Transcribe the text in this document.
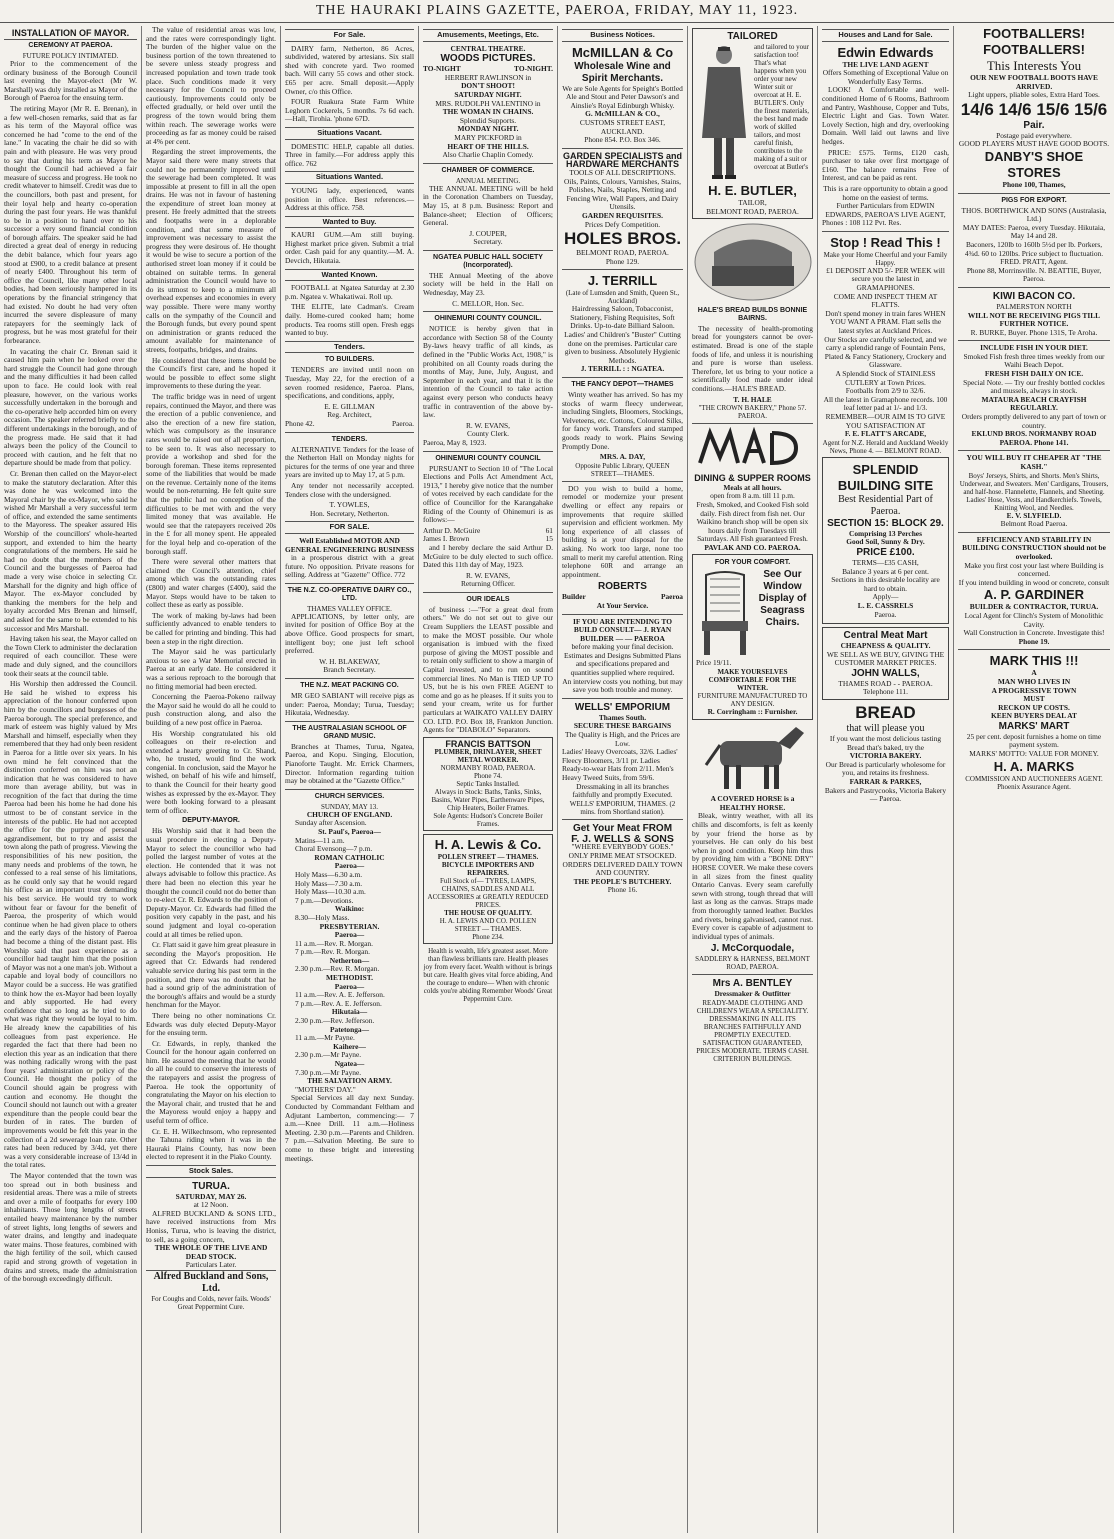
THE HAURAKI PLAINS GAZETTE, PAEROA, FRIDAY, MAY 11, 1923.
INSTALLATION OF MAYOR.
CEREMONY AT PAEROA.
FUTURE POLICY INTIMATED.

Prior to the commencement of the ordinary business of the Borough Council last evening the Mayor-elect (Mr W. Marshall) was duly installed as Mayor of the Borough of Paeroa for the ensuing term.

The retiring Mayor (Mr R. E. Brenan), in a few well-chosen remarks, said that as far as his term of the Mayoral office was concerned he had "come to the end of the lane." In vacating the chair he did so with pain and with pleasure. He was very proud to say that during his term as Mayor he thought the Council had achieved a fair measure of success and progress. He took no credit whatever to himself. Credit was due to the councillors, both past and present, for their loyal help and hearty co-operation during the past four years. He was thankful to be in a position to hand over to his successor a very sound financial condition of borough affairs. The speaker said he had directed a great deal of energy in reducing the debit balance, which four years ago stood at £900, to a credit balance at present of nearly £400. Throughout his term of office the Council, like many other local bodies, had been seriously hampered in its operations by the financial stringency that had existed. No doubt he had very often incurred the severe displeasure of many ratepayers for the seemingly lack of progress, but he was most grateful for their forbearance.

In vacating the chair Cr. Brenan said it caused him pain when he looked over the hard struggle the Council had gone through and the many difficulties it had been called upon to face. He could look with real pleasure, however, on the various works successfully undertaken in the borough and the co-operative help accorded him on every occasion. The speaker referred briefly to the different undertakings in the borough, and of the progress made. He said that it had always been the policy of the Council to proceed with caution, and he felt that no departure should be made from that policy.

Cr. Brenan then called on the Mayor-elect to make the statutory declaration. After this was done he was welcomed into the Mayoral chair by the ex-Mayor, who said he wished Mr Marshall a very successful term of office, and extended the same sentiments to the Mayoress. The speaker assured His Worship of the councillors' whole-hearted support, and extended to him the hearty congratulations of the members. He said he had no doubt that the members of the Council and the burgesses of Paeroa had made a very wise choice in selecting Cr. Marshall for the dignity and high office of Mayor. The ex-Mayor concluded by thanking the members for the help and loyalty accorded Mrs Brenan and himself, and asked for the same to be extended to his successor and Mrs Marshall.

Having taken his seat, the Mayor called on the Town Clerk to administer the declaration required of each councillor. These were made and duly signed, and the councillors took their seats at the council table.

His Worship then addressed the Council. He said he wished to express his appreciation of the honour conferred upon him by the councillors and burgesses of the Paeroa borough. The special preference, and mark of esteem was highly valued by Mrs Marshall and himself, especially when they remembered that they had only been resident in Paeroa for a little over six years. In his own mind he felt convinced that the distinction conferred on him was not an indication that he was considered to have more than average ability, but was in recognition of the fact that during the time Paeroa had been his home he had done his utmost to be of constant service in the interests of the public. He had not accepted the office for the purpose of personal aggrandisement, but to try and assist the town along the path of progress. Viewing the responsibilities of his new position, the many needs and problems of the town, he confessed to a real sense of his limitations, as he could only say that he would regard his office as an important trust demanding his best service. He would try to work without fear or favour for the benefit of Paeroa, the prosperity of which would continue when he had given place to others and the early days of the history of Paeroa had become a thing of the distant past. His Worship said that past experience as a councillor had taught him that the position of Mayor was not a one man's job. Without a capable and loyal body of councillors no Mayor could be a success. He was gratified to think how the ex-Mayor had been loyally and ably supported. He had every confidence that so long as he tried to do what was right they would be loyal to him. He already knew the capabilities of his colleagues from past experience. He regarded the fact that there had been no election this year as an indication that there was nothing radically wrong with the past four years' administration or policy of the Council. He thought the policy of the Council should again be progress with caution and economy. He thought the Council should not launch out with a greater expenditure than the people could bear the burden of in rates. The burden of improvements would be felt this year in the collection of a 2d sewerage loan rate. Other rates had been reduced by 3/4d, yet there was a very considerable increase of 13/4d in the total rates.

The Mayor contended that the town was too spread out in both business and residential areas. There was a mile of streets and over a mile of footpaths for every 100 inhabitants. Those long lengths of streets entailed heavy maintenance by the number of street lights, long lengths of sewers and water drains, and lengthy and inadequate water mains. Those features, combined with the high fertility of the soil, which caused rapid and strong growth of vegetation in drains and streets, made the administration of the borough exceedingly difficult.

The value of residential areas was low, and the rates were correspondingly light. The burden of the higher value on the business portion of the town threatened to be severe unless steady progress and increased population and town trade took place. Such conditions made it very necessary for the Council to proceed cautiously. Improvements could only be effected gradually, or held over until the progress of the town would bring them within reach. The sewerage works were proceeding as far as money could be raised at 4% per cent.

Regarding the street improvements, the Mayor said there were many streets that could not be permanently improved until the sewerage had been completed. It was impossible at present to fill in all the open drains. He was not in favour of hastening the expenditure of street loan money at present. He freely admitted that the streets and footpaths were in a deplorable condition, and that some measure of improvement was necessary to assist the progress they were desirous of. He thought it would be wise to secure a portion of the authorised street loan money if it could be obtained on suitable terms. In general administration the Council would have to do its utmost to keep to a minimum all overhead expenses and economies in every way possible. There were many worthy calls on the sympathy of the Council and the Borough funds, but every pound spent on administration or grants reduced the amount available for maintenance of streets, footpaths, bridges, and drains.

He considered that these items should be the Council's first care, and he hoped it would be possible to effect some slight improvements to these during the year.

The traffic bridge was in need of urgent repairs, continued the Mayor, and there was the erection of a public convenience, and also the erection of a new fire station, which was compulsory as the insurance rates would be raised out of all proportion, to be seen to. It was also necessary to provide a workshop and shed for the borough foreman. These items represented some of the liabilities that would be made on the revenue. Certainly none of the items would be non-returning. He felt quite sure that the public had no conception of the difficulties to be met with and the very limited money that was available. He would see that the ratepayers received 20s in the £ for all money spent. He appealed for the loyal help and co-operation of the borough staff.

There were several other matters that claimed the Council's attention, chief among which was the outstanding rates (£800) and water charges (£400), said the Mayor. Steps would have to be taken to collect these as early as possible.

The work of making by-laws had been sufficiently advanced to enable tenders to be called for printing and binding. This had been a step in the right direction.

The Mayor said he was particularly anxious to see a War Memorial erected in Paeroa at an early date. He considered it was a serious reproach to the borough that no fitting memorial had been erected.

Concerning the Paeroa-Pokeno railway the Mayor said he would do all he could to push construction along, and also the building of a new post office in Paeroa.

His Worship congratulated his old colleagues on their re-election and extended a hearty greeting to Cr. Shand, who, he trusted, would find the work congenial. In conclusion, said the Mayor he wished, on behalf of his wife and himself, to thank the Council for their hearty good wishes as expressed by the ex-Mayor. They were both looking forward to a pleasant term of office.

DEPUTY-MAYOR.

His Worship said that it had been the usual procedure in electing a Deputy-Mayor to select the councillor who had polled the largest number of votes at the election. He contended that it was not always advisable to follow this practice. As there had been no election this year he thought the council could not do better than to re-elect Cr. R. Edwards to the position of Deputy-Mayor. Cr. Edwards had filled the position very capably in the past, and his sound judgment and loyal co-operation could at all times be relied upon.

Cr. Flatt said it gave him great pleasure in seconding the Mayor's proposition. He agreed that Cr. Edwards had rendered valuable service during his past term in the position, and there was no doubt that he had a sound grip of the administration of the borough's affairs and would be a sturdy henchman for the Mayor.

There being no other nominations Cr. Edwards was duly elected Deputy-Mayor for the ensuing term.

Cr. Edwards, in reply, thanked the Council for the honour again conferred on him. He assured the meeting that he would do all he could to conserve the interests of the ratepayers and assist the progress of Paeroa. He took the opportunity of congratulating the Mayor on his election to the Mayoral chair, and trusted that he and the Mayoress would enjoy a happy and useful term of office.

Cr. E. H. Wilkechnsom, who represented the Tahuna riding when it was in the Hauraki Plains County, has now been elected to represent it in the Piako County.

Stock Sales.
TURUA.
SATURDAY, MAY 26.
at 12 Noon.

ALFRED BUCKLAND & SONS LTD., have received instructions from Mrs Honiss, Turua, who is leaving the district, to sell, as a going concern,

THE WHOLE OF THE LIVE AND DEAD STOCK.
Particulars Later.
Alfred Buckland and Sons, Ltd.
For Coughs and Colds, never fails. Woods' Great Peppermint Cure.
For Sale.

DAIRY farm, Netherton, 86 Acres, subdivided, watered by artesians. Six stall shed with concrete yard. Two roomed bach. Will carry 55 cows and other stock. £65 per acre. Small deposit.—Apply Owner, c/o this Office.

FOUR Ruakura State Farm White Leghorn Cockerels, 5 months. 7s 6d each.—Hall, Tirohia. 'phone 67D.

Situations Vacant.

DOMESTIC HELP, capable all duties. Three in family.—For address apply this office. 762

Situations Wanted.

YOUNG lady, experienced, wants position in office. Best references.—Address at this office. 758.

Wanted to Buy.

KAURI GUM.—Am still buying. Highest market price given. Submit a trial order. Cash paid for any quantity.—M. A. Devcich, Hikutaia.

Wanted Known.

FOOTBALL at Ngatea Saturday at 2.30 p.m. Ngatea v. Whakatiwai. Roll up.

THE ELITE, late Cadman's. Cream daily. Home-cured cooked ham; home products. Tea rooms still open. Fresh eggs wanted to buy.

Tenders.
TO BUILDERS.

TENDERS are invited until noon on Tuesday, May 22, for the erection of a seven roomed residence, Paeroa. Plans, specifications, and conditions, apply,

E. E. GILLMAN
Reg. Architect,
Phone 42.	Paeroa.
TENDERS.

ALTERNATIVE Tenders for the lease of the Netherton Hall on Monday nights for pictures for the terms of one year and three years are invited up to May 17, at 5 p.m.

Any tender not necessarily accepted. Tenders close with the undersigned.

T. YOWLES,
Hon. Secretary, Netherton.
FOR SALE.
Well Established MOTOR AND GENERAL ENGINEERING BUSINESS

in a prosperous district with a great future. No opposition. Private reasons for selling. Address at "Gazette" Office. 772

THE N.Z. CO-OPERATIVE DAIRY CO., LTD.
THAMES VALLEY OFFICE.

APPLICATIONS, by letter only, are invited for position of Office Boy at the above Office. Good prospects for smart, intelligent boy; one just left school preferred.

W. H. BLAKEWAY,
Branch Secretary.
THE N.Z. MEAT PACKING CO.

MR GEO SABIANT will receive pigs as under: Paeroa, Monday; Turua, Tuesday; Hikutaia, Wednesday.

THE AUSTRALASIAN SCHOOL OF GRAND MUSIC.

Branches at Thames, Turua, Ngatea, Paeroa, and Kopu. Singing, Elocution, Pianoforte Taught. Mr. Errick Charmers, Director. Information regarding tuition may be obtained at the "Gazette Office."

CHURCH SERVICES.
SUNDAY, MAY 13.
CHURCH OF ENGLAND.
Sunday after Ascension.
St. Paul's, Paeroa—
Matins—11 a.m.
Choral Evensong—7 p.m.
ROMAN CATHOLIC
Paeroa—
Holy Mass—6.30 a.m.
Holy Mass—7.30 a.m.
Holy Mass—10.30 a.m.
7 p.m.—Devotions.
Waikino:
8.30—Holy Mass.
PRESBYTERIAN.
Paeroa—
11 a.m.—Rev. R. Morgan.
7 p.m.—Rev. R. Morgan.
Netherton—
2.30 p.m.—Rev. R. Morgan.
METHODIST.
Paeroa—
11 a.m.—Rev. A. E. Jefferson.
7 p.m.—Rev. A. E. Jefferson.
Hikutaia—
2.30 p.m.—Rev. Jefferson.
Patetonga—
11 a.m.—Mr Payne.
Kaihere—
2.30 p.m.—Mr Payne.
Ngatea—
7.30 p.m.—Mr Payne.
THE SALVATION ARMY.
"MOTHERS' DAY."

Special Services all day next Sunday. Conducted by Commandant Feltham and Adjutant Lamberton, commencing:— 7 a.m.—Knee Drill. 11 a.m.—Holiness Meeting. 2.30 p.m.—Parents and Children. 7 p.m.—Salvation Meeting. Be sure to come to these bright and interesting meetings.

Amusements, Meetings, Etc.
CENTRAL THEATRE.
WOODS PICTURES.
TO-NIGHT	TO-NIGHT.
HERBERT RAWLINSON in
DON'T SHOOT!
SATURDAY NIGHT.
MRS. RUDOLPH VALENTINO in
THE WOMAN IN CHAINS.
Splendid Supports.
MONDAY NIGHT.
MARY PICKFORD in
HEART OF THE HILLS.
Also Charlie Chaplin Comedy.
CHAMBER OF COMMERCE.
ANNUAL MEETING.

THE ANNUAL MEETING will be held in the Coronation Chambers on Tuesday, May 15, at 8 p.m. Business: Report and Balance-sheet; Election of Officers; General.

J. COUPER,
Secretary.
NGATEA PUBLIC HALL SOCIETY (Incorporated).

THE Annual Meeting of the above society will be held in the Hall on Wednesday, May 23.

C. MELLOR, Hon. Sec.
OHINEMURI COUNTY COUNCIL.

NOTICE is hereby given that in accordance with Section 58 of the County By-laws heavy traffic of all kinds, as defined in the "Public Works Act, 1908," is prohibited on all County roads during the months of May, June, July, August, and September in each year, and that it is the intention of the Council to take action against every person who conducts heavy traffic in contravention of the above by-law.

R. W. EVANS,
County Clerk.
Paeroa, May 8, 1923.
OHINEMURI COUNTY COUNCIL

PURSUANT to Section 10 of "The Local Elections and Polls Act Amendment Act, 1913," I hereby give notice that the number of votes received by each candidate for the office of Councillor for the Karangahake Riding of the County of Ohinemuri is as follows:—

Arthur D. McGuire	61
James I. Brown	15

and I hereby declare the said Arthur D. McGuire to be duly elected to such office. Dated this 11th day of May, 1923.

R. W. EVANS,
Returning Officer.
OUR IDEALS

of business :—"For a great deal from others." We do not set out to give our Cream Suppliers the LEAST possible and to make the MOST possible. Our whole organisation is imbued with the fixed purpose of giving the MOST possible and to retain only sufficient to show a margin of Capital invested, and to run on sound commercial lines. No Man is TIED UP TO US, but he is his own FREE AGENT to come and go as he pleases. If it suits you to send your cream, write us for further particulars at WAIKATO VALLEY DAIRY CO. LTD. P.O. Box 18, Frankton Junction. Agents for "DIABOLO" Separators.

FRANCIS BATTSON
PLUMBER, DRINLAYER, SHEET METAL WORKER.
NORMANBY ROAD, PAEROA.
Phone 74.
Septic Tanks Installed.
Always in Stock: Baths, Tanks, Sinks, Basins, Water Pipes, Earthenware Pipes, Chip Heaters, Boiler Frames.
Sole Agents: Hudson's Concrete Boiler Frames.
H. A. Lewis & Co.
POLLEN STREET — THAMES.
BICYCLE IMPORTERS AND REPAIRERS.
Full Stock of— TYRES, LAMPS, CHAINS, SADDLES AND ALL ACCESSORIES at GREATLY REDUCED PRICES.
THE HOUSE OF QUALITY.
H. A. LEWIS AND CO. POLLEN STREET — THAMES.
Phone 234.
Health is wealth, life's greatest asset. More than flawless brilliants rare. Health pleases joy from every facet. Wealth without is brings but care. Health gives vital force abiding, And the courage to endure— When with chronic colds you're abiding Remember Woods' Great Peppermint Cure.
Business Notices.
McMILLAN & Co
Wholesale Wine and Spirit Merchants.
We are Sole Agents for Speight's Bottled Ale and Stout and Peter Dawson's and Ainslie's Royal Edinburgh Whisky.
G. McMILLAN & CO.,
CUSTOMS STREET EAST, AUCKLAND.
Phone 854. P.O. Box 346.
GARDEN SPECIALISTS and HARDWARE MERCHANTS
TOOLS OF ALL DESCRIPTIONS.
Oils, Paints, Colours, Varnishes, Stains, Polishes, Nails, Staples, Netting and Fencing Wire, Wall Papers, and Dairy Utensils.
GARDEN REQUISITES.
Prices Defy Competition.
HOLES BROS.
BELMONT ROAD, PAEROA.
Phone 129.
J. TERRILL
(Late of Lumsden and Smith, Queen St., Auckland)
Hairdressing Saloon, Tobacconist, Stationery, Fishing Requisites, Soft Drinks. Up-to-date Billiard Saloon. Ladies' and Children's "Buster" Cutting done on the premises. Particular care given to business. Absolutely Hygienic Methods.
J. TERRILL : : NGATEA.
THE FANCY DEPOT—THAMES

Winty weather has arrived. So has my stocks of warm fleecy underwear, including Singlets, Bloomers, Stockings, Velveteens, etc. Cottons, Coloured Silks, for fancy work. Transfers and stamped goods ready to work. Plains Sewing Promptly Done.

MRS. A. DAY,
Opposite Public Library, QUEEN STREET—THAMES.

DO you wish to build a home, remodel or modernize your present dwelling or effect any repairs or improvements that require skilled supervision and efficient workmen. My long experience of all classes of building is at your disposal for the asking. No work too large, none too small to merit my careful attention. Ring telephone 60R and arrange an appointment.

ROBERTS
Builder	Paeroa
At Your Service.
IF YOU ARE INTENDING TO BUILD CONSULT— J. RYAN
BUILDER — — PAEROA
before making your final decision.
Estimates and Designs Submitted Plans and specifications prepared and quantities supplied where required.
An interview costs you nothing, but may save you both trouble and money.
WELLS' EMPORIUM
Thames South.
SECURE THESE BARGAINS
The Quality is High, and the Prices are Low.
Ladies' Heavy Overcoats, 32/6. Ladies' Fleecy Bloomers, 3/11 pr. Ladies Ready-to-wear Hats from 2/11. Men's Heavy Tweed Suits, from 59/6.
Dressmaking in all its branches faithfully and promptly Executed.
WELLS' EMPORIUM, THAMES. (2 mins. from Shortland station).
Get Your Meat FROM
F. J. WELLS & SONS
"WHERE EVERYBODY GOES."
ONLY PRIME MEAT STSOCKED.
ORDERS DELIVERED DAILY TOWN AND COUNTRY.
THE PEOPLE'S BUTCHERY.
Phone 16.
TAILORED
and tailored to your satisfaction too! That's what happens when you order your new Winter suit or overcoat at H. E. BUTLER'S. Only the finest materials, the best hand made work of skilled tailors, and most careful finish, contributes to the making of a suit or overcoat at Butler's
H. E. BUTLER,
TAILOR,
BELMONT ROAD, PAEROA.
HALE'S BREAD BUILDS BONNIE BAIRNS.

The necessity of health-promoting bread for youngsters cannot be over-estimated. Bread is one of the staple foods of life, and unless it is nourishing and pure is worse than useless. Therefore, let us bring to your notice a scientifically food made under ideal conditions.—HALE'S BREAD.

T. H. HALE
"THE CROWN BAKERY," Phone 57. PAEROA.
DINING & SUPPER ROOMS
Meals at all hours.
open from 8 a.m. till 11 p.m.
Fresh, Smoked, and Cooked Fish sold daily. Fish direct from fish net. Our Waikino branch shop will be open six hours daily from Tuesdays till Saturdays. All Fish guaranteed Fresh.
PAVLAK AND CO. PAEROA.
FOR YOUR COMFORT.
See Our Window Display of Seagrass Chairs.
Price 19/11.
MAKE YOURSELVES COMFORTABLE FOR THE WINTER.
FURNITURE MANUFACTURED TO ANY DESIGN.
R. Corringham :: Furnisher.
A COVERED HORSE is a HEALTHY HORSE.

Bleak, wintry weather, with all its chills and discomforts, is felt as keenly by your friend the horse as by yourselves. He can only do his best when in good condition. Keep him thus by providing him with a "BONE DRY" HORSE COVER. We make these covers in all sizes from the finest quality Ontario Canvas. Every seam carefully sewn with strong, tough thread that will last as long as the canvas. Straps made from thoroughly tanned leather. Buckles and rivets, being galvanised, cannot rust. Every cover is capable of adjustment to individual types of animals.

J. McCorquodale,
SADDLERY & HARNESS, BELMONT ROAD, PAEROA.
Mrs A. BENTLEY
Dressmaker & Outfitter
READY-MADE CLOTHING AND CHILDREN'S WEAR A SPECIALITY. DRESSMAKING IN ALL ITS BRANCHES FAITHFULLY AND PROMPTLY EXECUTED.
SATISFACTION GUARANTEED, PRICES MODERATE. TERMS CASH. CRITERION BUILDINGS.
Houses and Land for Sale.
Edwin Edwards
THE LIVE LAND AGENT
Offers Something of Exceptional Value on Wonderfully Easy Terms.

LOOK! A Comfortable and well-conditioned Home of 6 Rooms, Bathroom and Pantry, Washhouse, Copper and Tubs, Electric Light and Gas. Town Water. Lovely Section, high and dry, overlooking Domain. Well laid out lawns and live hedges.

PRICE: £575. Terms, £120 cash, purchaser to take over first mortgage of £160. The balance remains Free of Interest, and can be paid as rent.

This is a rare opportunity to obtain a good home on the easiest of terms.
Further Particulars from EDWIN EDWARDS, PAEROA'S LIVE AGENT,
Phones : 108 112 Pvt. Res.
Stop ! Read This !
Make your Home Cheerful and your Family Happy.
£1 DEPOSIT AND 5/- PER WEEK will secure you the latest in GRAMAPHONES.
COME AND INSPECT THEM AT FLATTS.
Don't spend money in train fares WHEN YOU WANT A PRAM. Flatt sells the latest styles at Auckland Prices.
Our Stocks are carefully selected, and we carry a splendid range of Fountain Pens, Plated & Fancy Stationery, Crockery and Glassware.
A Splendid Stock of STAINLESS CUTLERY at Town Prices.
Footballs from 2/9 to 32/6.
All the latest in Gramaphone records. 100 leaf letter pad at 1/- and 1/3.
REMEMBER—OUR AIM IS TO GIVE YOU SATISFACTION AT
F. E. FLATT'S ARCADE,
Agent for N.Z. Herald and Auckland Weekly News, Phone 4. — BELMONT ROAD.
SPLENDID BUILDING SITE
Best Residential Part of Paeroa.
SECTION 15: BLOCK 29.
Comprising 13 Perches
Good Soil, Sunny & Dry.
PRICE £100.
TERMS—£35 CASH,
Balance 3 years at 6 per cent.
Sections in this desirable locality are hard to obtain.
Apply—
L. E. CASSRELS
Paeroa.
Central Meat Mart
CHEAPNESS & QUALITY.
WE SELL AS WE BUY, GIVING THE CUSTOMER MARKET PRICES.
JOHN WALLS,
THAMES ROAD - - PAEROA.
Telephone 111.
BREAD
that will please you
If you want the most delicious tasting Bread that's baked, try the
VICTORIA BAKERY.
Our Bread is particularly wholesome for you, and retains its freshness.
FARRAR & PARKES,
Bakers and Pastrycooks, Victoria Bakery — Paeroa.
FOOTBALLERS! FOOTBALLERS!
This Interests You
OUR NEW FOOTBALL BOOTS HAVE ARRIVED.
Light uppers, pliable soles, Extra Hard Toes.
14/6 14/6 15/6 15/6
Pair.
Postage paid everywhere.
GOOD PLAYERS MUST HAVE GOOD BOOTS.
DANBY'S SHOE STORES
Phone 100, Thames,
PIGS FOR EXPORT.
THOS. BORTHWICK AND SONS (Australasia, Ltd.)
MAY DATES: Paeroa, every Tuesday. Hikutaia, May 14 and 28.
Baconers, 120lb to 160lb 5½d per lb. Porkers, 4¾d. 60 to 120lbs. Price subject to fluctuation.
FRED. PRATT, Agent.
Phone 88, Morrinsville. N. BEATTIE, Buyer, Paeroa.
KIWI BACON CO.
PALMERSTON NORTH
WILL NOT BE RECEIVING PIGS TILL FURTHER NOTICE.
R. BURKE, Buyer. Phone 131S, Te Aroha.
INCLUDE FISH IN YOUR DIET.
Smoked Fish fresh three times weekly from our Waihi Beach Depot.
FRESH FISH DAILY ON ICE.
Special Note. — Try our freshly bottled cockles and mussels, always in stock.
MATAURA BEACH CRAYFISH REGULARLY.
Orders promptly delivered to any part of town or country.
EKLUND BROS. NORMANBY ROAD PAEROA. Phone 141.
YOU WILL BUY IT CHEAPER AT "THE KASH."
Boys' Jerseys, Shirts, and Shorts. Men's Shirts, Underwear, and Sweaters. Men' Cardigans, Trousers, and half-hose. Flannelette, Flannels, and Sheeting. Ladies' Hose, Vests, and Handkerchiefs. Towels, Knitting Wool, and Needles.
E. V. SLYFIELD.
Belmont Road Paeroa.
EFFICIENCY AND STABILITY IN BUILDING CONSTRUCTION should not be overlooked.
Make you first cost your last where Building is concerned.
If you intend building in wood or concrete, consult
A. P. GARDINER
BUILDER & CONTRACTOR, TURUA.
Local Agent for Clinch's System of Monolithic Cavity.
Wall Construction in Concrete. Investigate this!
Phone 19.
MARK THIS !!!
A
MAN WHO LIVES IN
A PROGRESSIVE TOWN
MUST
RECKON UP COSTS.
KEEN BUYERS DEAL AT
MARKS' MART
25 per cent. deposit furnishes a home on time payment system.
MARKS' MOTTO: VALUE FOR MONEY.
H. A. MARKS
COMMISSION AND AUCTIONEERS AGENT. Phoenix Assurance Agent.
